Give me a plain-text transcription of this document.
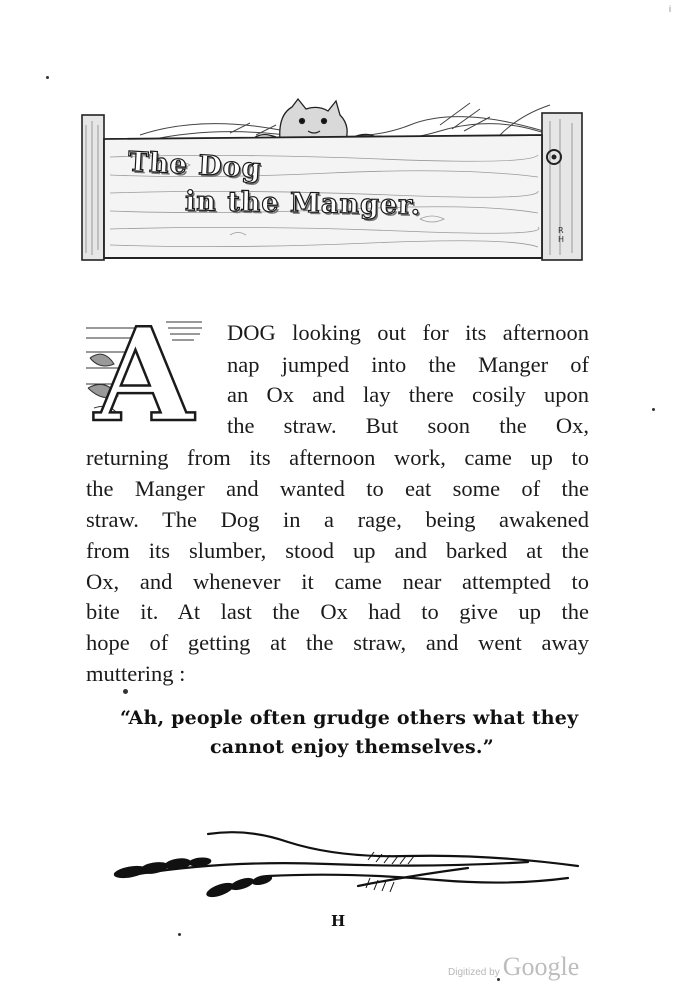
i
The Dog
in the Manger.
RH
A	DOG looking out for its afternoon
nap jumped into the Manger of
an Ox and lay there cosily upon
the straw. But soon the Ox,
returning from its afternoon work, came up to
the Manger and wanted to eat some of the
straw. The Dog in a rage, being awakened
from its slumber, stood up and barked at the
Ox, and whenever it came near attempted to
bite it. At last the Ox had to give up the
hope of getting at the straw, and went away
muttering :
“Ah, people often grudge others what they
cannot enjoy themselves.”
H
Digitized by Google
